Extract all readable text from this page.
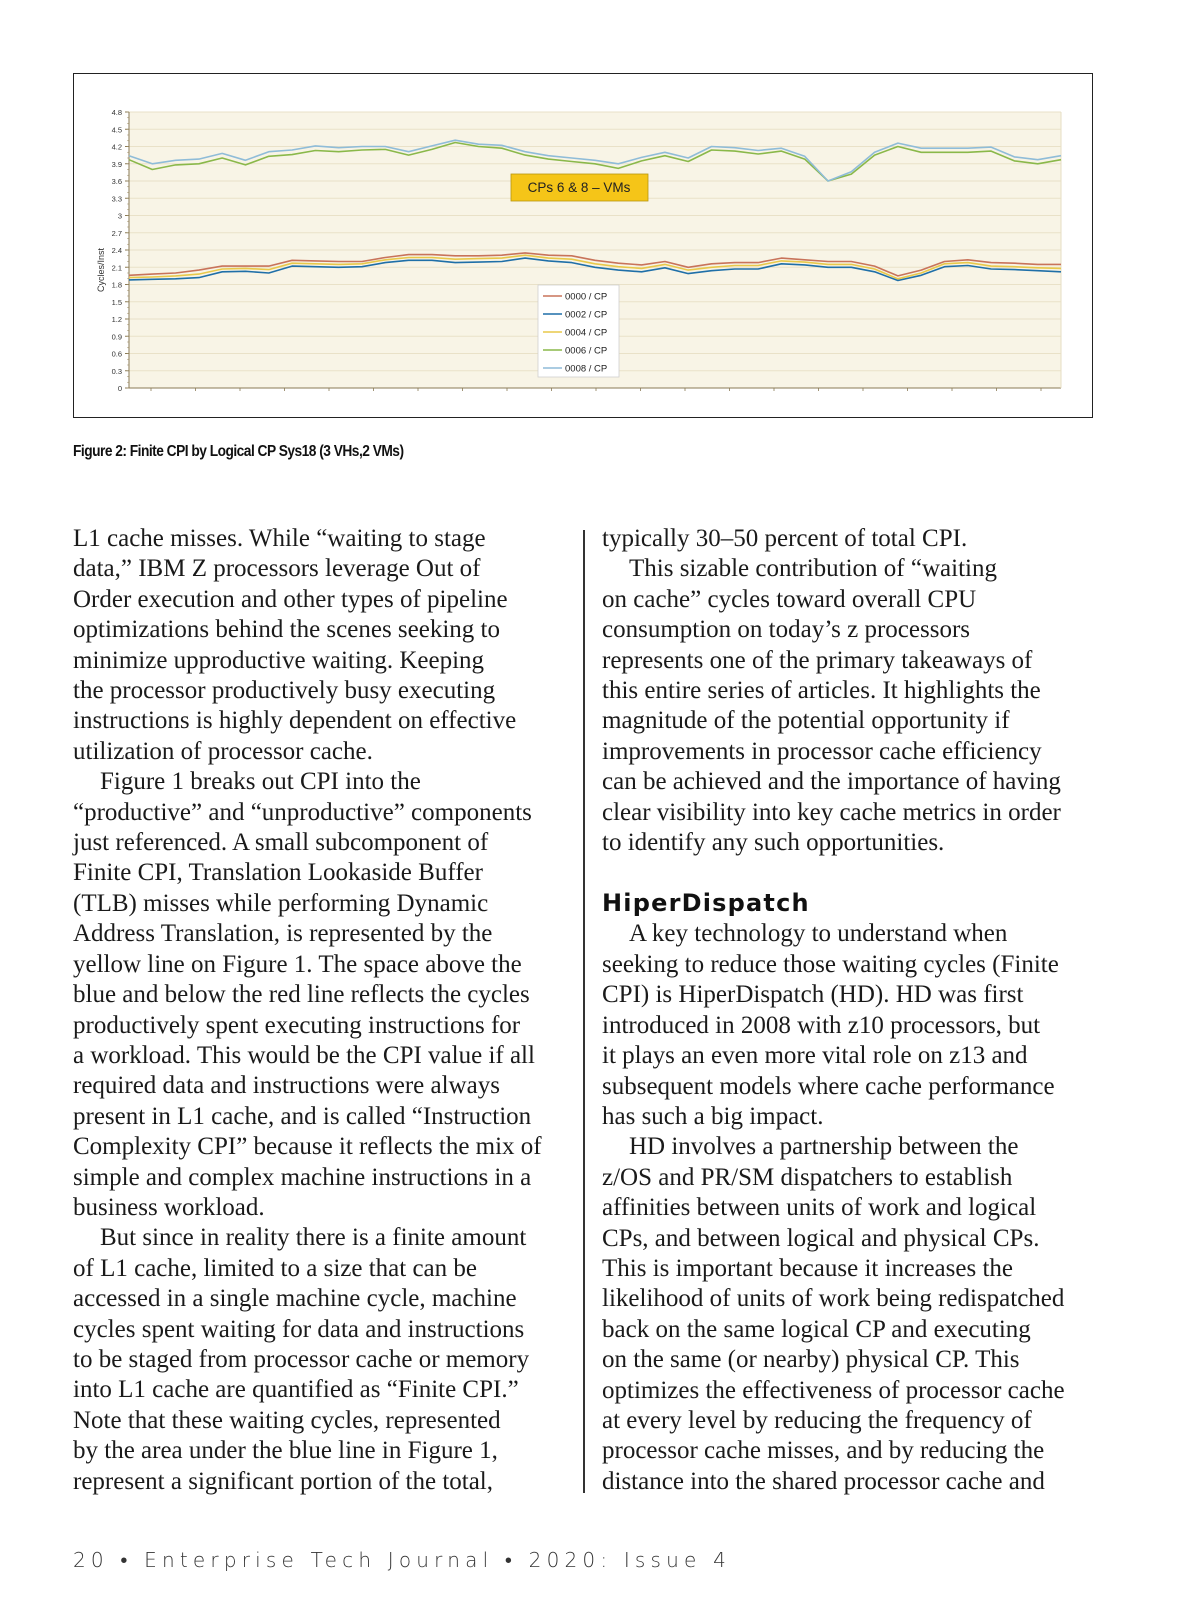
0
0.3
0.6
0.9
1.2
1.5
1.8
2.1
2.4
2.7
3
3.3
3.6
3.9
4.2
4.5
4.8
Cycles/Inst
CPs 6 & 8 – VMs
0000 / CP
0002 / CP
0004 / CP
0006 / CP
0008 / CP
Figure 2: Finite CPI by Logical CP Sys18 (3 VHs,2 VMs)

L1 cache misses. While “waiting to stage

data,” IBM Z processors leverage Out of

Order execution and other types of pipeline

optimizations behind the scenes seeking to

minimize upproductive waiting. Keeping

the processor productively busy executing

instructions is highly dependent on effective

utilization of processor cache.

Figure 1 breaks out CPI into the

“productive” and “unproductive” components

just referenced. A small subcomponent of

Finite CPI, Translation Lookaside Buffer

(TLB) misses while performing Dynamic

Address Translation, is represented by the

yellow line on Figure 1. The space above the

blue and below the red line reflects the cycles

productively spent executing instructions for

a workload. This would be the CPI value if all

required data and instructions were always

present in L1 cache, and is called “Instruction

Complexity CPI” because it reflects the mix of

simple and complex machine instructions in a

business workload.

But since in reality there is a finite amount

of L1 cache, limited to a size that can be

accessed in a single machine cycle, machine

cycles spent waiting for data and instructions

to be staged from processor cache or memory

into L1 cache are quantified as “Finite CPI.”

Note that these waiting cycles, represented

by the area under the blue line in Figure 1,

represent a significant portion of the total,

typically 30–50 percent of total CPI.

This sizable contribution of “waiting

on cache” cycles toward overall CPU

consumption on today’s z processors

represents one of the primary takeaways of

this entire series of articles. It highlights the

magnitude of the potential opportunity if

improvements in processor cache efficiency

can be achieved and the importance of having

clear visibility into key cache metrics in order

to identify any such opportunities.

HiperDispatch

A key technology to understand when

seeking to reduce those waiting cycles (Finite

CPI) is HiperDispatch (HD). HD was first

introduced in 2008 with z10 processors, but

it plays an even more vital role on z13 and

subsequent models where cache performance

has such a big impact.

HD involves a partnership between the

z/OS and PR/SM dispatchers to establish

affinities between units of work and logical

CPs, and between logical and physical CPs.

This is important because it increases the

likelihood of units of work being redispatched

back on the same logical CP and executing

on the same (or nearby) physical CP. This

optimizes the effectiveness of processor cache

at every level by reducing the frequency of

processor cache misses, and by reducing the

distance into the shared processor cache and

20 • Enterprise Tech Journal • 2020: Issue 4
